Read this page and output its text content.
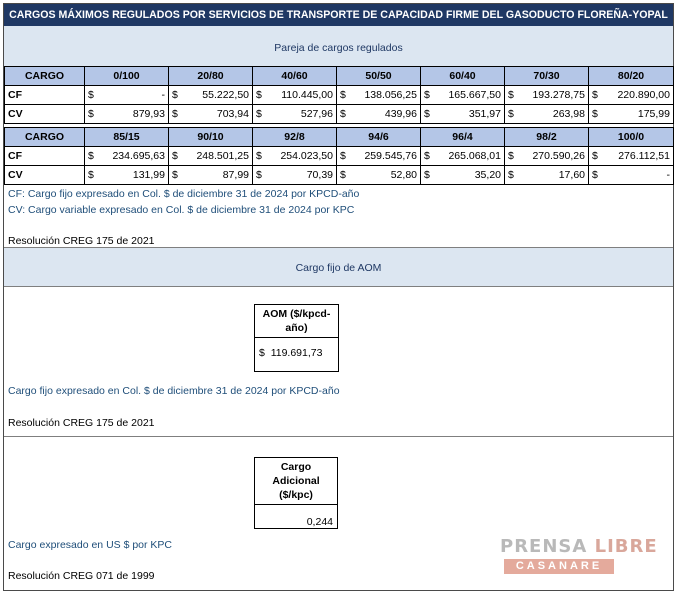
CARGOS MÁXIMOS REGULADOS POR SERVICIOS DE TRANSPORTE DE CAPACIDAD FIRME DEL GASODUCTO FLOREÑA-YOPAL
Pareja de cargos regulados
CARGO	0/100	20/80	40/60	50/50	60/40	70/30	80/20
CF	$ -	$ 55.222,50	$ 110.445,00	$ 138.056,25	$ 165.667,50	$ 193.278,75	$ 220.890,00

CV	$ 879,93	$ 703,94	$ 527,96	$ 439,96	$ 351,97	$ 263,98	$ 175,99
CARGO	85/15	90/10	92/8	94/6	96/4	98/2	100/0
CF	$ 234.695,63	$ 248.501,25	$ 254.023,50	$ 259.545,76	$ 265.068,01	$ 270.590,26	$ 276.112,51

CV	$ 131,99	$ 87,99	$ 70,39	$ 52,80	$ 35,20	$ 17,60	$ -
CF: Cargo fijo expresado en Col. $ de diciembre 31 de 2024 por KPCD-año
CV: Cargo variable expresado en Col. $ de diciembre 31 de 2024 por KPC
Resolución CREG 175 de 2021
Cargo fijo de AOM
AOM ($/kpcd-año)
$ 119.691,73
Cargo fijo expresado en Col. $ de diciembre 31 de 2024 por KPCD-año
Resolución CREG 175 de 2021
Cargo Adicional ($/kpc)
0,244
Cargo expresado en US $ por KPC
Resolución CREG 071 de 1999
PRENSA LIBRE
CASANARE
